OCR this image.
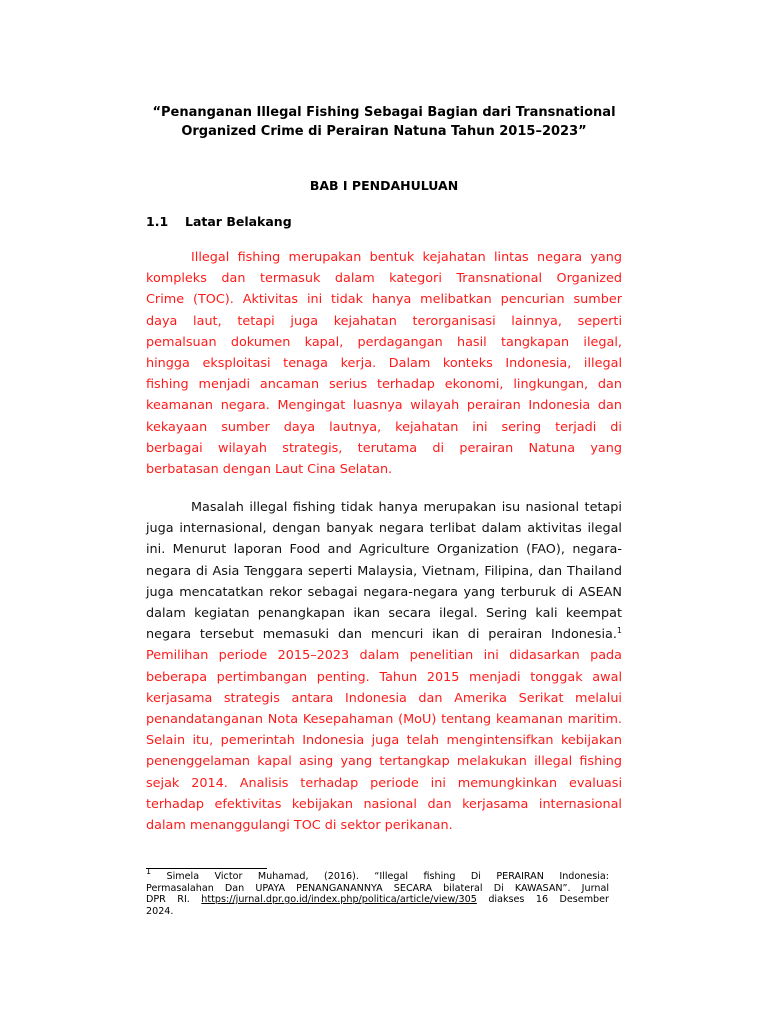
“Penanganan Illegal Fishing Sebagai Bagian dari Transnational
Organized Crime di Perairan Natuna Tahun 2015–2023”
BAB I PENDAHULUAN
1.1 Latar Belakang
Illegal fishing merupakan bentuk kejahatan lintas negara yang
kompleks dan termasuk dalam kategori Transnational Organized
Crime (TOC). Aktivitas ini tidak hanya melibatkan pencurian sumber
daya laut, tetapi juga kejahatan terorganisasi lainnya, seperti
pemalsuan dokumen kapal, perdagangan hasil tangkapan ilegal,
hingga eksploitasi tenaga kerja. Dalam konteks Indonesia, illegal
fishing menjadi ancaman serius terhadap ekonomi, lingkungan, dan
keamanan negara. Mengingat luasnya wilayah perairan Indonesia dan
kekayaan sumber daya lautnya, kejahatan ini sering terjadi di
berbagai wilayah strategis, terutama di perairan Natuna yang
berbatasan dengan Laut Cina Selatan.
Masalah illegal fishing tidak hanya merupakan isu nasional tetapi
juga internasional, dengan banyak negara terlibat dalam aktivitas ilegal
ini. Menurut laporan Food and Agriculture Organization (FAO), negara-
negara di Asia Tenggara seperti Malaysia, Vietnam, Filipina, dan Thailand
juga mencatatkan rekor sebagai negara-negara yang terburuk di ASEAN
dalam kegiatan penangkapan ikan secara ilegal. Sering kali keempat
negara tersebut memasuki dan mencuri ikan di perairan Indonesia.$^1$
Pemilihan periode 2015–2023 dalam penelitian ini didasarkan pada
beberapa pertimbangan penting. Tahun 2015 menjadi tonggak awal
kerjasama strategis antara Indonesia dan Amerika Serikat melalui
penandatanganan Nota Kesepahaman (MoU) tentang keamanan maritim.
Selain itu, pemerintah Indonesia juga telah mengintensifkan kebijakan
penenggelaman kapal asing yang tertangkap melakukan illegal fishing
sejak 2014. Analisis terhadap periode ini memungkinkan evaluasi
terhadap efektivitas kebijakan nasional dan kerjasama internasional
dalam menanggulangi TOC di sektor perikanan.
$^1$ Simela Victor Muhamad, (2016). “Illegal fishing Di PERAIRAN Indonesia:
Permasalahan Dan UPAYA PENANGANANNYA SECARA bilateral Di KAWASAN”. Jurnal
DPR RI. https://jurnal.dpr.go.id/index.php/politica/article/view/305 diakses 16 Desember
2024.
